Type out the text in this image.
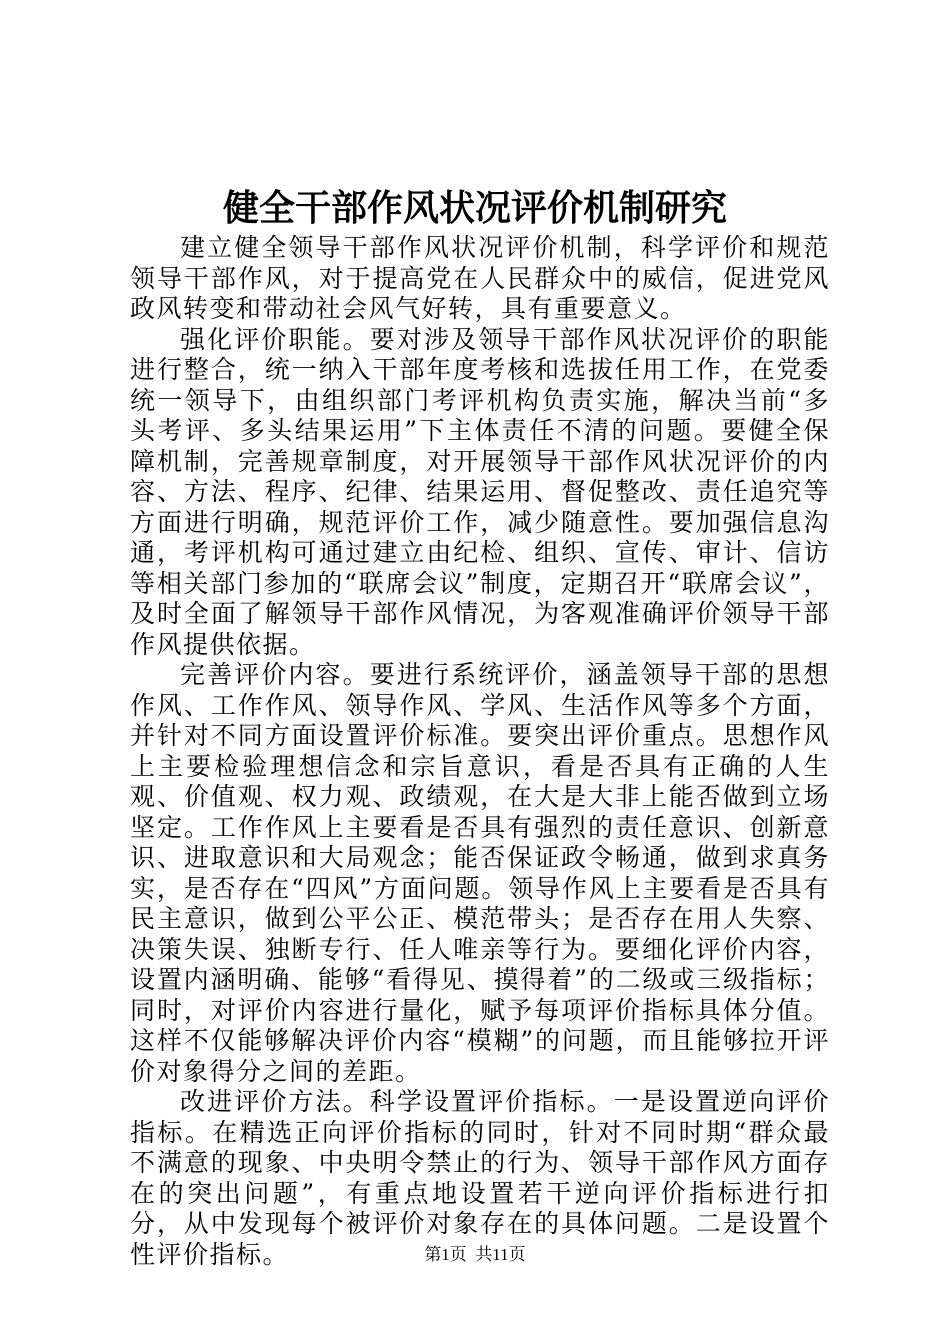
健全干部作风状况评价机制研究

建立健全领导干部作风状况评价机制，科学评价和规范领导干部作风，对于提高党在人民群众中的威信，促进党风政风转变和带动社会风气好转，具有重要意义。

强化评价职能。要对涉及领导干部作风状况评价的职能进行整合，统一纳入干部年度考核和选拔任用工作，在党委统一领导下，由组织部门考评机构负责实施，解决当前“多头考评、多头结果运用”下主体责任不清的问题。要健全保障机制，完善规章制度，对开展领导干部作风状况评价的内容、方法、程序、纪律、结果运用、督促整改、责任追究等方面进行明确，规范评价工作，减少随意性。要加强信息沟通，考评机构可通过建立由纪检、组织、宣传、审计、信访等相关部门参加的“联席会议”制度，定期召开“联席会议”，及时全面了解领导干部作风情况，为客观准确评价领导干部作风提供依据。

完善评价内容。要进行系统评价，涵盖领导干部的思想作风、工作作风、领导作风、学风、生活作风等多个方面，并针对不同方面设置评价标准。要突出评价重点。思想作风上主要检验理想信念和宗旨意识，看是否具有正确的人生观、价值观、权力观、政绩观，在大是大非上能否做到立场坚定。工作作风上主要看是否具有强烈的责任意识、创新意识、进取意识和大局观念；能否保证政令畅通，做到求真务实，是否存在“四风”方面问题。领导作风上主要看是否具有民主意识，做到公平公正、模范带头；是否存在用人失察、决策失误、独断专行、任人唯亲等行为。要细化评价内容，设置内涵明确、能够“看得见、摸得着”的二级或三级指标；同时，对评价内容进行量化，赋予每项评价指标具体分值。这样不仅能够解决评价内容“模糊”的问题，而且能够拉开评价对象得分之间的差距。

改进评价方法。科学设置评价指标。一是设置逆向评价指标。在精选正向评价指标的同时，针对不同时期“群众最不满意的现象、中央明令禁止的行为、领导干部作风方面存在的突出问题”，有重点地设置若干逆向评价指标进行扣分，从中发现每个被评价对象存在的具体问题。二是设置个性评价指标。	第1页 共11页
